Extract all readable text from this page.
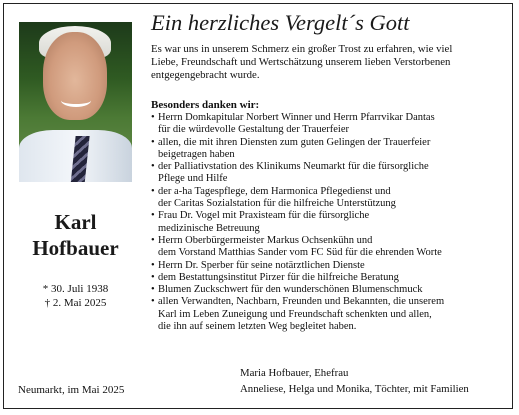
Karl
Hofbauer
* 30. Juli 1938
† 2. Mai 2025
Neumarkt, im Mai 2025
Ein herzliches Vergelt´s Gott
Es war uns in unserem Schmerz ein großer Trost zu erfahren, wie viel
Liebe, Freundschaft und Wertschätzung unserem lieben Verstorbenen
entgegengebracht wurde.
Besonders danken wir:
• Herrn Domkapitular Norbert Winner und Herrn Pfarrvikar Dantas
für die würdevolle Gestaltung der Trauerfeier
• allen, die mit ihren Diensten zum guten Gelingen der Trauerfeier
beigetragen haben
• der Palliativstation des Klinikums Neumarkt für die fürsorgliche
Pflege und Hilfe
• der a-ha Tagespflege, dem Harmonica Pflegedienst und
der Caritas Sozialstation für die hilfreiche Unterstützung
• Frau Dr. Vogel mit Praxisteam für die fürsorgliche
medizinische Betreuung
• Herrn Oberbürgermeister Markus Ochsenkühn und
dem Vorstand Matthias Sander vom FC Süd für die ehrenden Worte
• Herrn Dr. Sperber für seine notärztlichen Dienste
• dem Bestattungsinstitut Pirzer für die hilfreiche Beratung
• Blumen Zuckschwert für den wunderschönen Blumenschmuck
• allen Verwandten, Nachbarn, Freunden und Bekannten, die unserem
Karl im Leben Zuneigung und Freundschaft schenkten und allen,
die ihn auf seinem letzten Weg begleitet haben.
Maria Hofbauer, Ehefrau
Anneliese, Helga und Monika, Töchter, mit Familien
